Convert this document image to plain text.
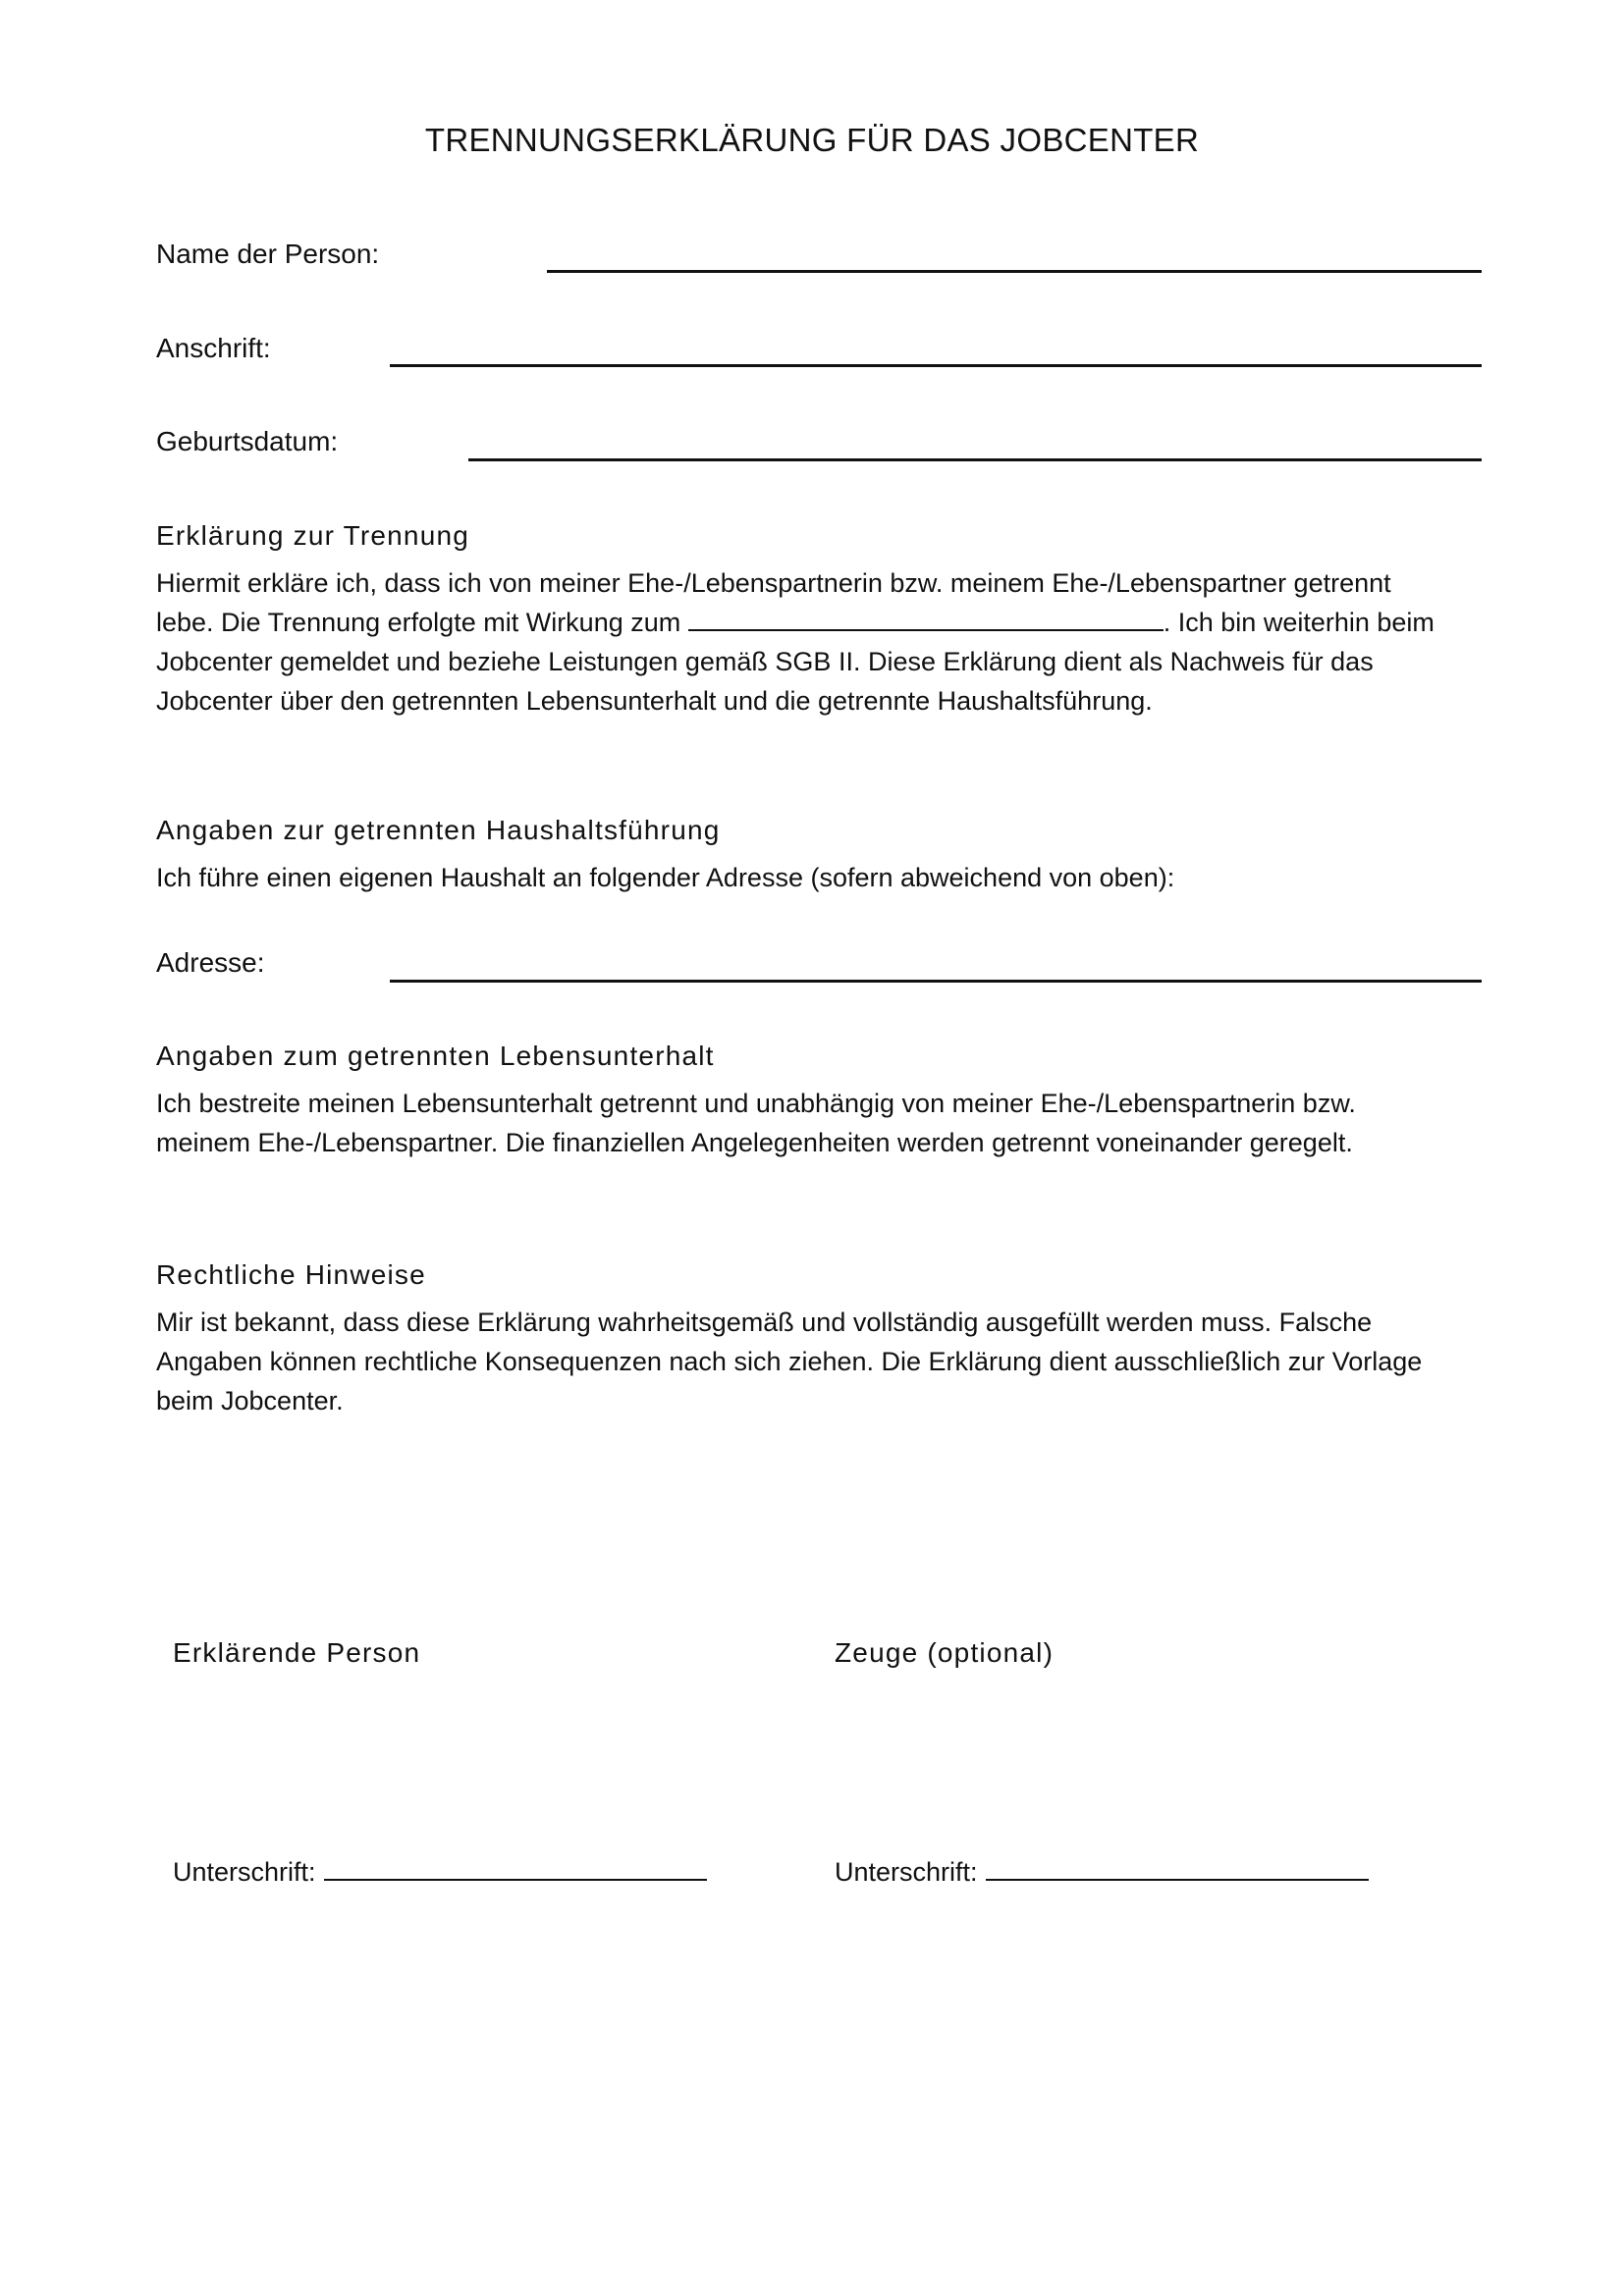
TRENNUNGSERKLÄRUNG FÜR DAS JOBCENTER
Name der Person:
Anschrift:
Geburtsdatum:
Erklärung zur Trennung

Hiermit erkläre ich, dass ich von meiner Ehe-/Lebenspartnerin bzw. meinem Ehe-/Lebenspartner getrennt

lebe. Die Trennung erfolgte mit Wirkung zum	. Ich bin weiterhin beim

Jobcenter gemeldet und beziehe Leistungen gemäß SGB II. Diese Erklärung dient als Nachweis für das

Jobcenter über den getrennten Lebensunterhalt und die getrennte Haushaltsführung.

Angaben zur getrennten Haushaltsführung

Ich führe einen eigenen Haushalt an folgender Adresse (sofern abweichend von oben):

Adresse:
Angaben zum getrennten Lebensunterhalt

Ich bestreite meinen Lebensunterhalt getrennt und unabhängig von meiner Ehe-/Lebenspartnerin bzw.

meinem Ehe-/Lebenspartner. Die finanziellen Angelegenheiten werden getrennt voneinander geregelt.

Rechtliche Hinweise

Mir ist bekannt, dass diese Erklärung wahrheitsgemäß und vollständig ausgefüllt werden muss. Falsche

Angaben können rechtliche Konsequenzen nach sich ziehen. Die Erklärung dient ausschließlich zur Vorlage

beim Jobcenter.

Erklärende Person	Zeuge (optional)
Unterschrift:	Unterschrift:
